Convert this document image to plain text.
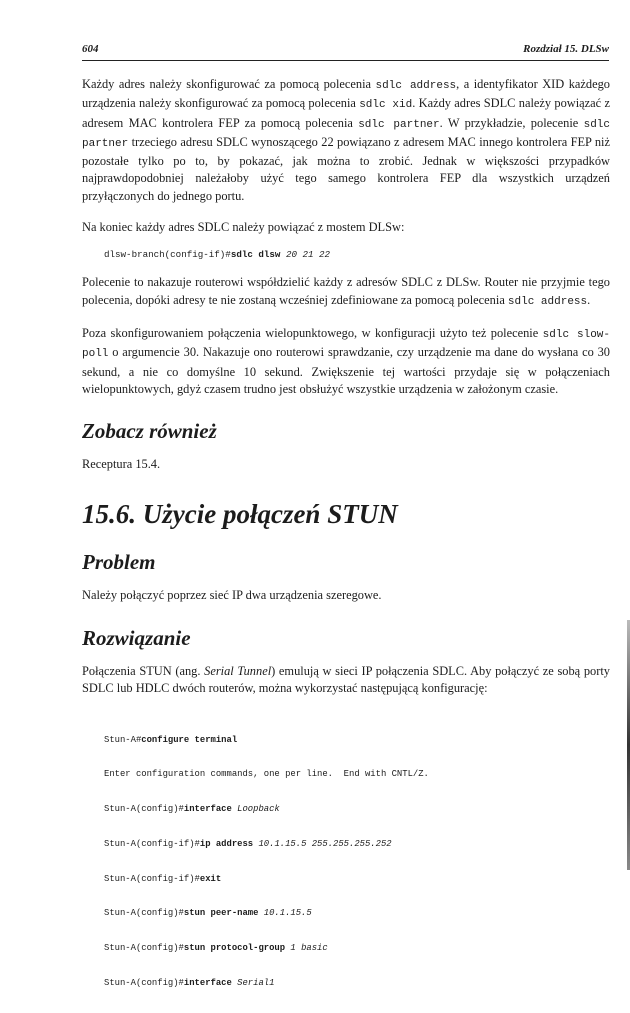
604	Rozdział 15. DLSw

Każdy adres należy skonfigurować za pomocą polecenia sdlc address, a identyfikator XID każdego urządzenia należy skonfigurować za pomocą polecenia sdlc xid. Każdy adres SDLC należy powiązać z adresem MAC kontrolera FEP za pomocą polecenia sdlc partner. W przykładzie, polecenie sdlc partner trzeciego adresu SDLC wynoszącego 22 powiązano z adresem MAC innego kontrolera FEP niż pozostałe tylko po to, by pokazać, jak można to zrobić. Jednak w większości przypadków najprawdopodobniej należałoby użyć tego samego kontrolera FEP dla wszystkich urządzeń przyłączonych do jednego portu.

Na koniec każdy adres SDLC należy powiązać z mostem DLSw:

dlsw-branch(config-if)#sdlc dlsw 20 21 22

Polecenie to nakazuje routerowi współdzielić każdy z adresów SDLC z DLSw. Router nie przyjmie tego polecenia, dopóki adresy te nie zostaną wcześniej zdefiniowane za pomocą polecenia sdlc address.

Poza skonfigurowaniem połączenia wielopunktowego, w konfiguracji użyto też polecenie sdlc slow-poll o argumencie 30. Nakazuje ono routerowi sprawdzanie, czy urządzenie ma dane do wysłana co 30 sekund, a nie co domyślne 10 sekund. Zwiększenie tej wartości przydaje się w połączeniach wielopunktowych, gdyż czasem trudno jest obsłużyć wszystkie urządzenia w założonym czasie.

Zobacz również

Receptura 15.4.

15.6. Użycie połączeń STUN
Problem

Należy połączyć poprzez sieć IP dwa urządzenia szeregowe.

Rozwiązanie

Połączenia STUN (ang. Serial Tunnel) emulują w sieci IP połączenia SDLC. Aby połączyć ze sobą porty SDLC lub HDLC dwóch routerów, można wykorzystać następującą konfigurację:

Stun-A#configure terminal

Enter configuration commands, one per line.  End with CNTL/Z.

Stun-A(config)#interface Loopback

Stun-A(config-if)#ip address 10.1.15.5 255.255.255.252

Stun-A(config-if)#exit

Stun-A(config)#stun peer-name 10.1.15.5

Stun-A(config)#stun protocol-group 1 basic

Stun-A(config)#interface Serial1
